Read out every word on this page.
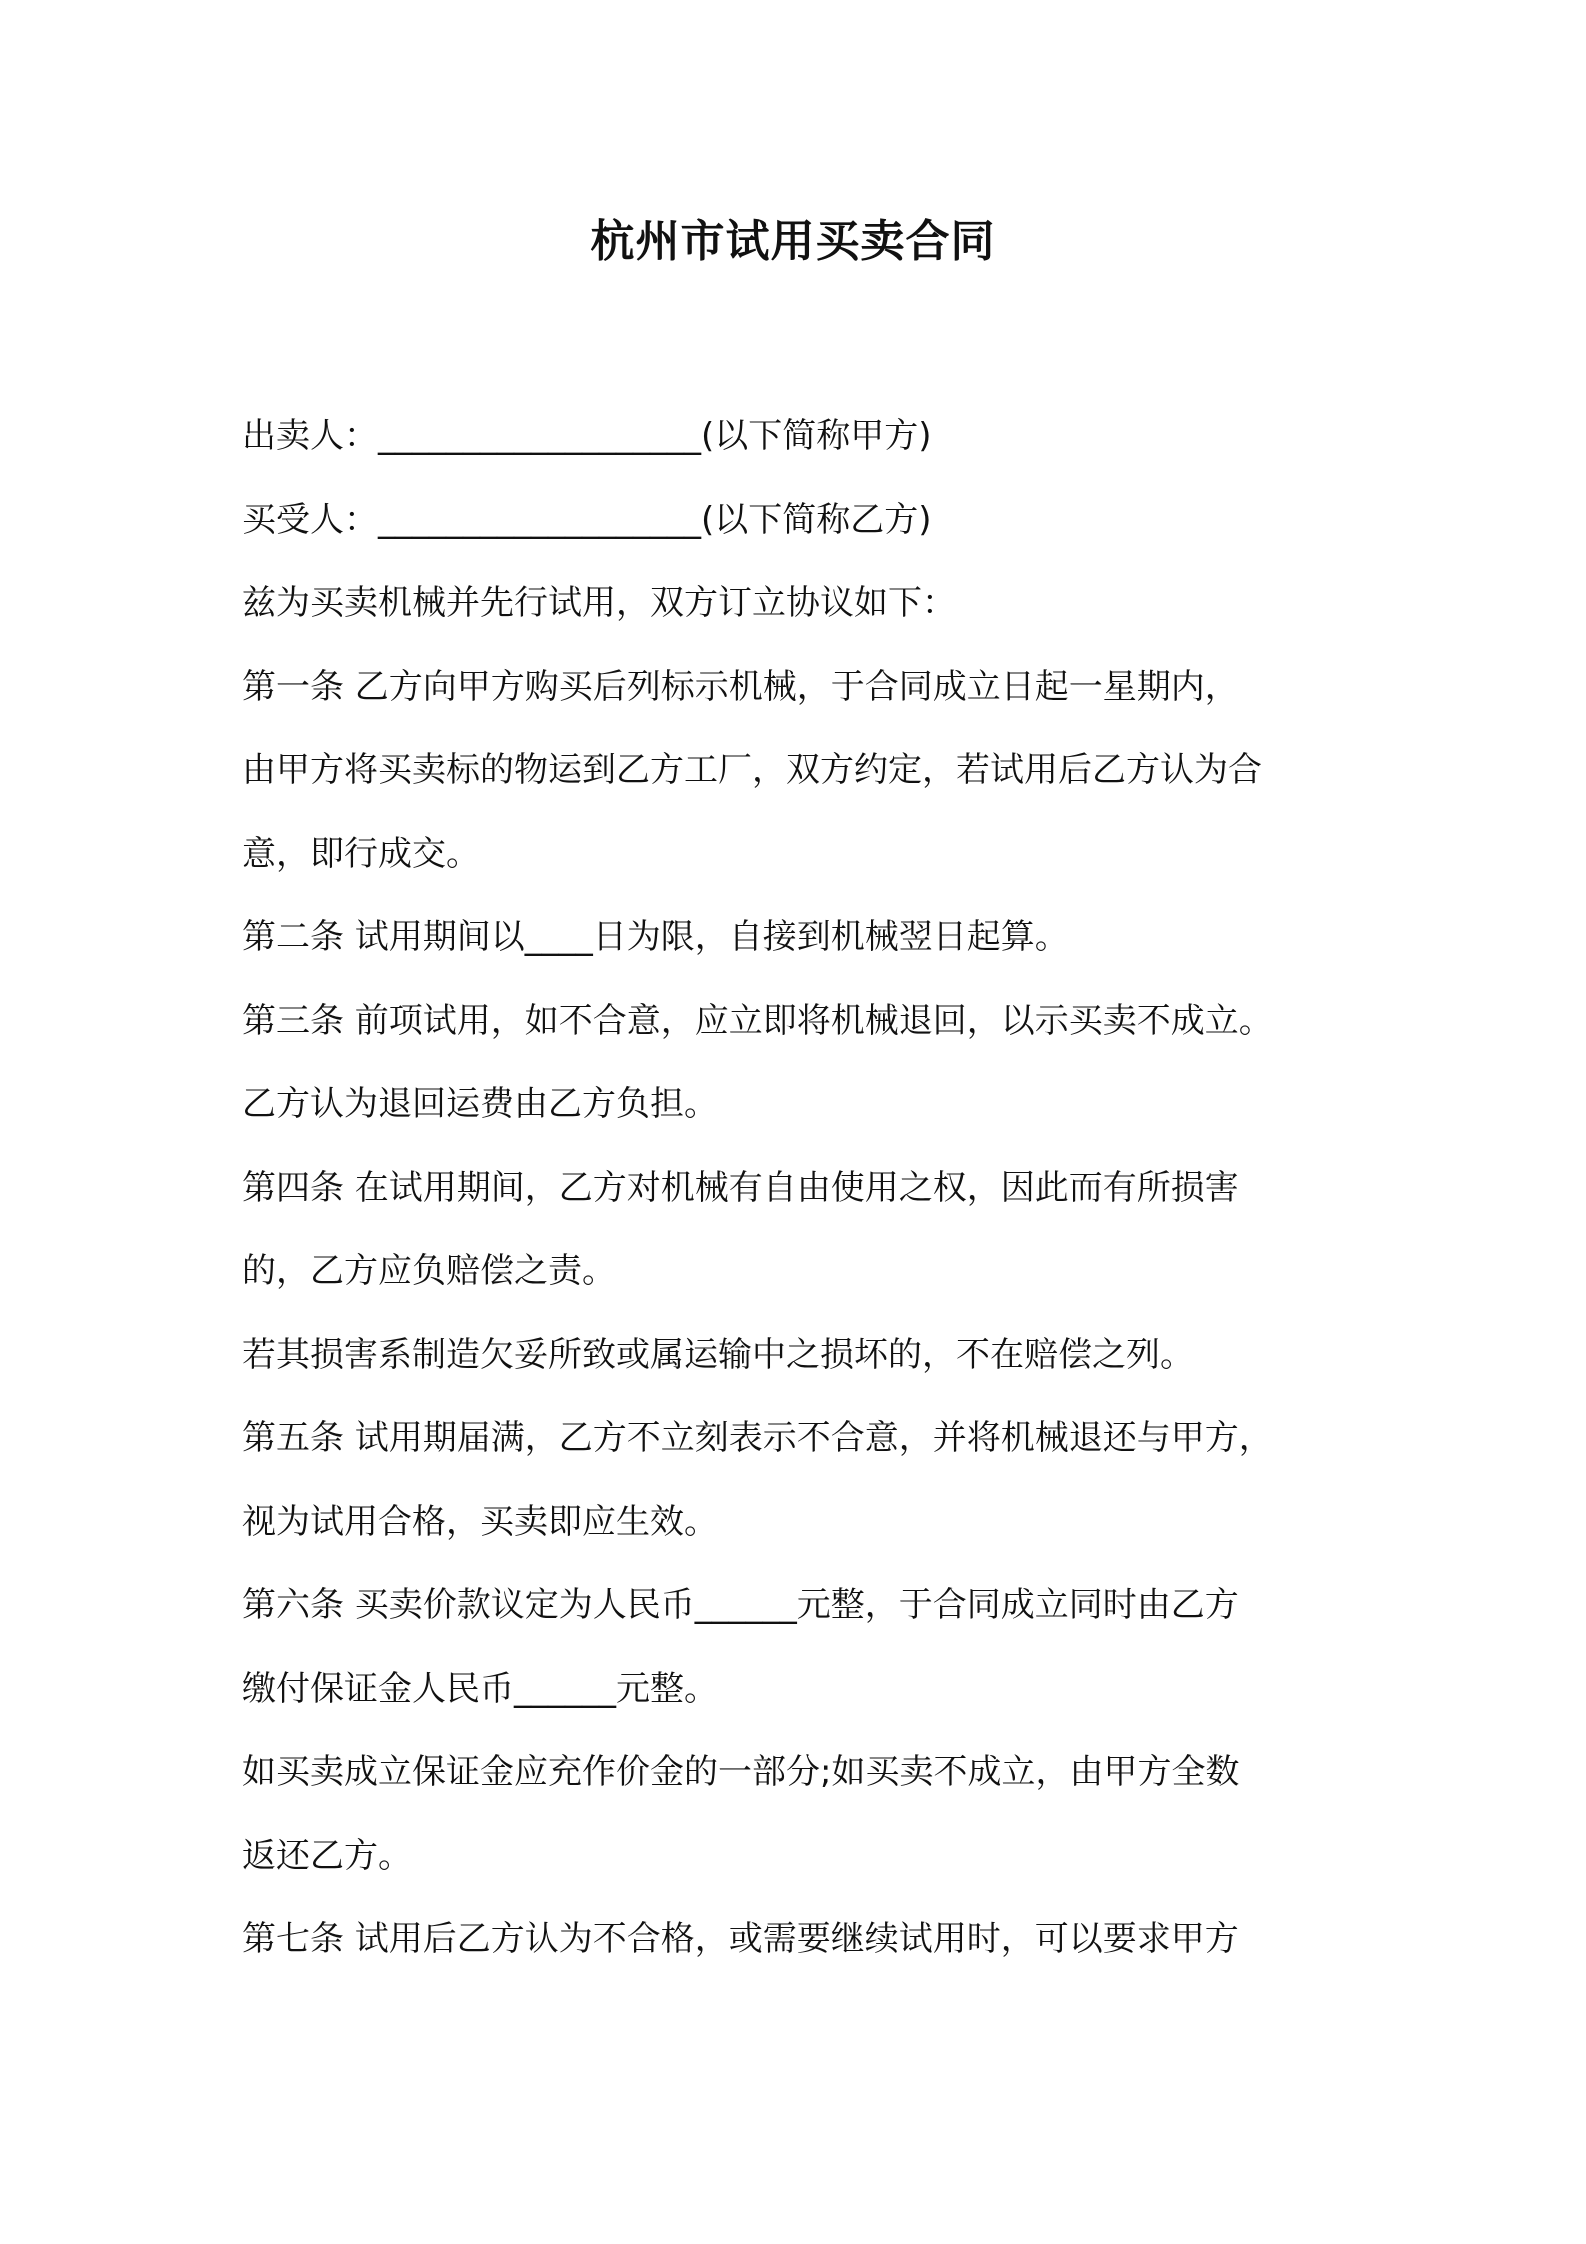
杭州市试用买卖合同
出卖人：___________________(以下简称甲方)
买受人：___________________(以下简称乙方)
兹为买卖机械并先行试用，双方订立协议如下：
第一条 乙方向甲方购买后列标示机械，于合同成立日起一星期内，
由甲方将买卖标的物运到乙方工厂，双方约定，若试用后乙方认为合
意，即行成交。
第二条 试用期间以____日为限，自接到机械翌日起算。
第三条 前项试用，如不合意，应立即将机械退回，以示买卖不成立。
乙方认为退回运费由乙方负担。
第四条 在试用期间，乙方对机械有自由使用之权，因此而有所损害
的，乙方应负赔偿之责。
若其损害系制造欠妥所致或属运输中之损坏的，不在赔偿之列。
第五条 试用期届满，乙方不立刻表示不合意，并将机械退还与甲方，
视为试用合格，买卖即应生效。
第六条 买卖价款议定为人民币______元整，于合同成立同时由乙方
缴付保证金人民币______元整。
如买卖成立保证金应充作价金的一部分;如买卖不成立，由甲方全数
返还乙方。
第七条 试用后乙方认为不合格，或需要继续试用时，可以要求甲方
